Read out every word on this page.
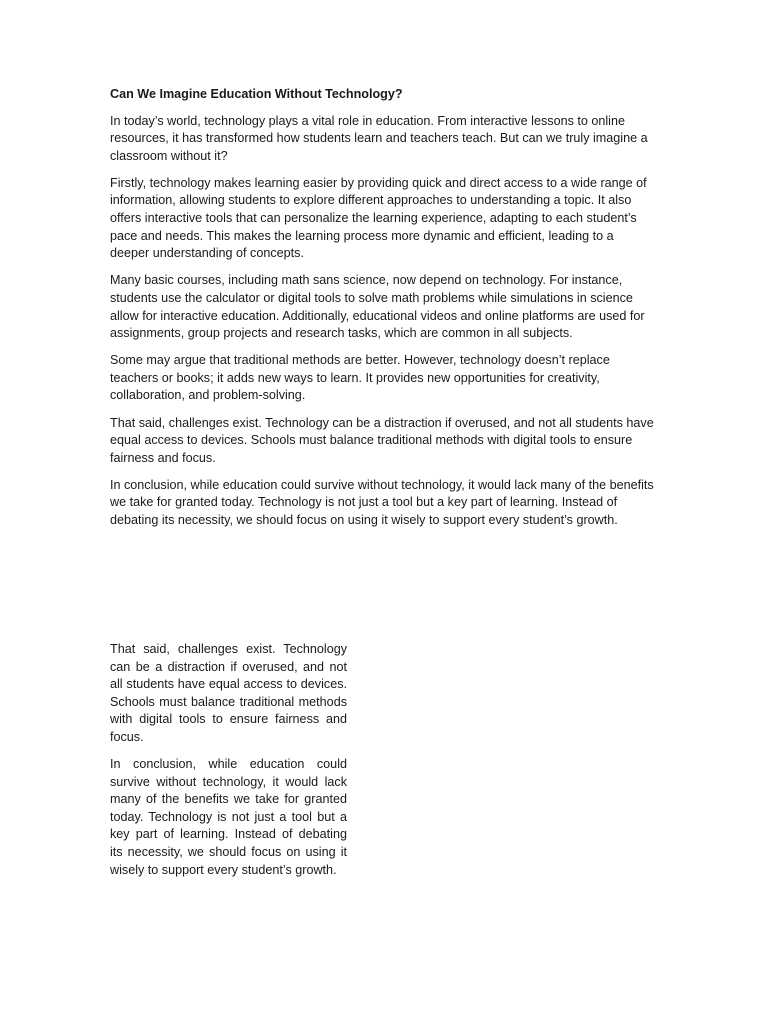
Can We Imagine Education Without Technology?

In today’s world, technology plays a vital role in education. From interactive lessons to online resources, it has transformed how students learn and teachers teach. But can we truly imagine a classroom without it?

Firstly, technology makes learning easier by providing quick and direct access to a wide range of information, allowing students to explore different approaches to understanding a topic. It also offers interactive tools that can personalize the learning experience, adapting to each student’s pace and needs. This makes the learning process more dynamic and efficient, leading to a deeper understanding of concepts.

Many basic courses, including math sans science, now depend on technology. For instance, students use the calculator or digital tools to solve math problems while simulations in science allow for interactive education. Additionally, educational videos and online platforms are used for assignments, group projects and research tasks, which are common in all subjects.

Some may argue that traditional methods are better. However, technology doesn’t replace teachers or books; it adds new ways to learn. It provides new opportunities for creativity, collaboration, and problem-solving.

That said, challenges exist. Technology can be a distraction if overused, and not all students have equal access to devices. Schools must balance traditional methods with digital tools to ensure fairness and focus.

In conclusion, while education could survive without technology, it would lack many of the benefits we take for granted today. Technology is not just a tool but a key part of learning. Instead of debating its necessity, we should focus on using it wisely to support every student’s growth.

That said, challenges exist. Technology can be a distraction if overused, and not all students have equal access to devices. Schools must balance traditional methods with digital tools to ensure fairness and focus.

In conclusion, while education could survive without technology, it would lack many of the benefits we take for granted today. Technology is not just a tool but a key part of learning. Instead of debating its necessity, we should focus on using it wisely to support every student’s growth.
